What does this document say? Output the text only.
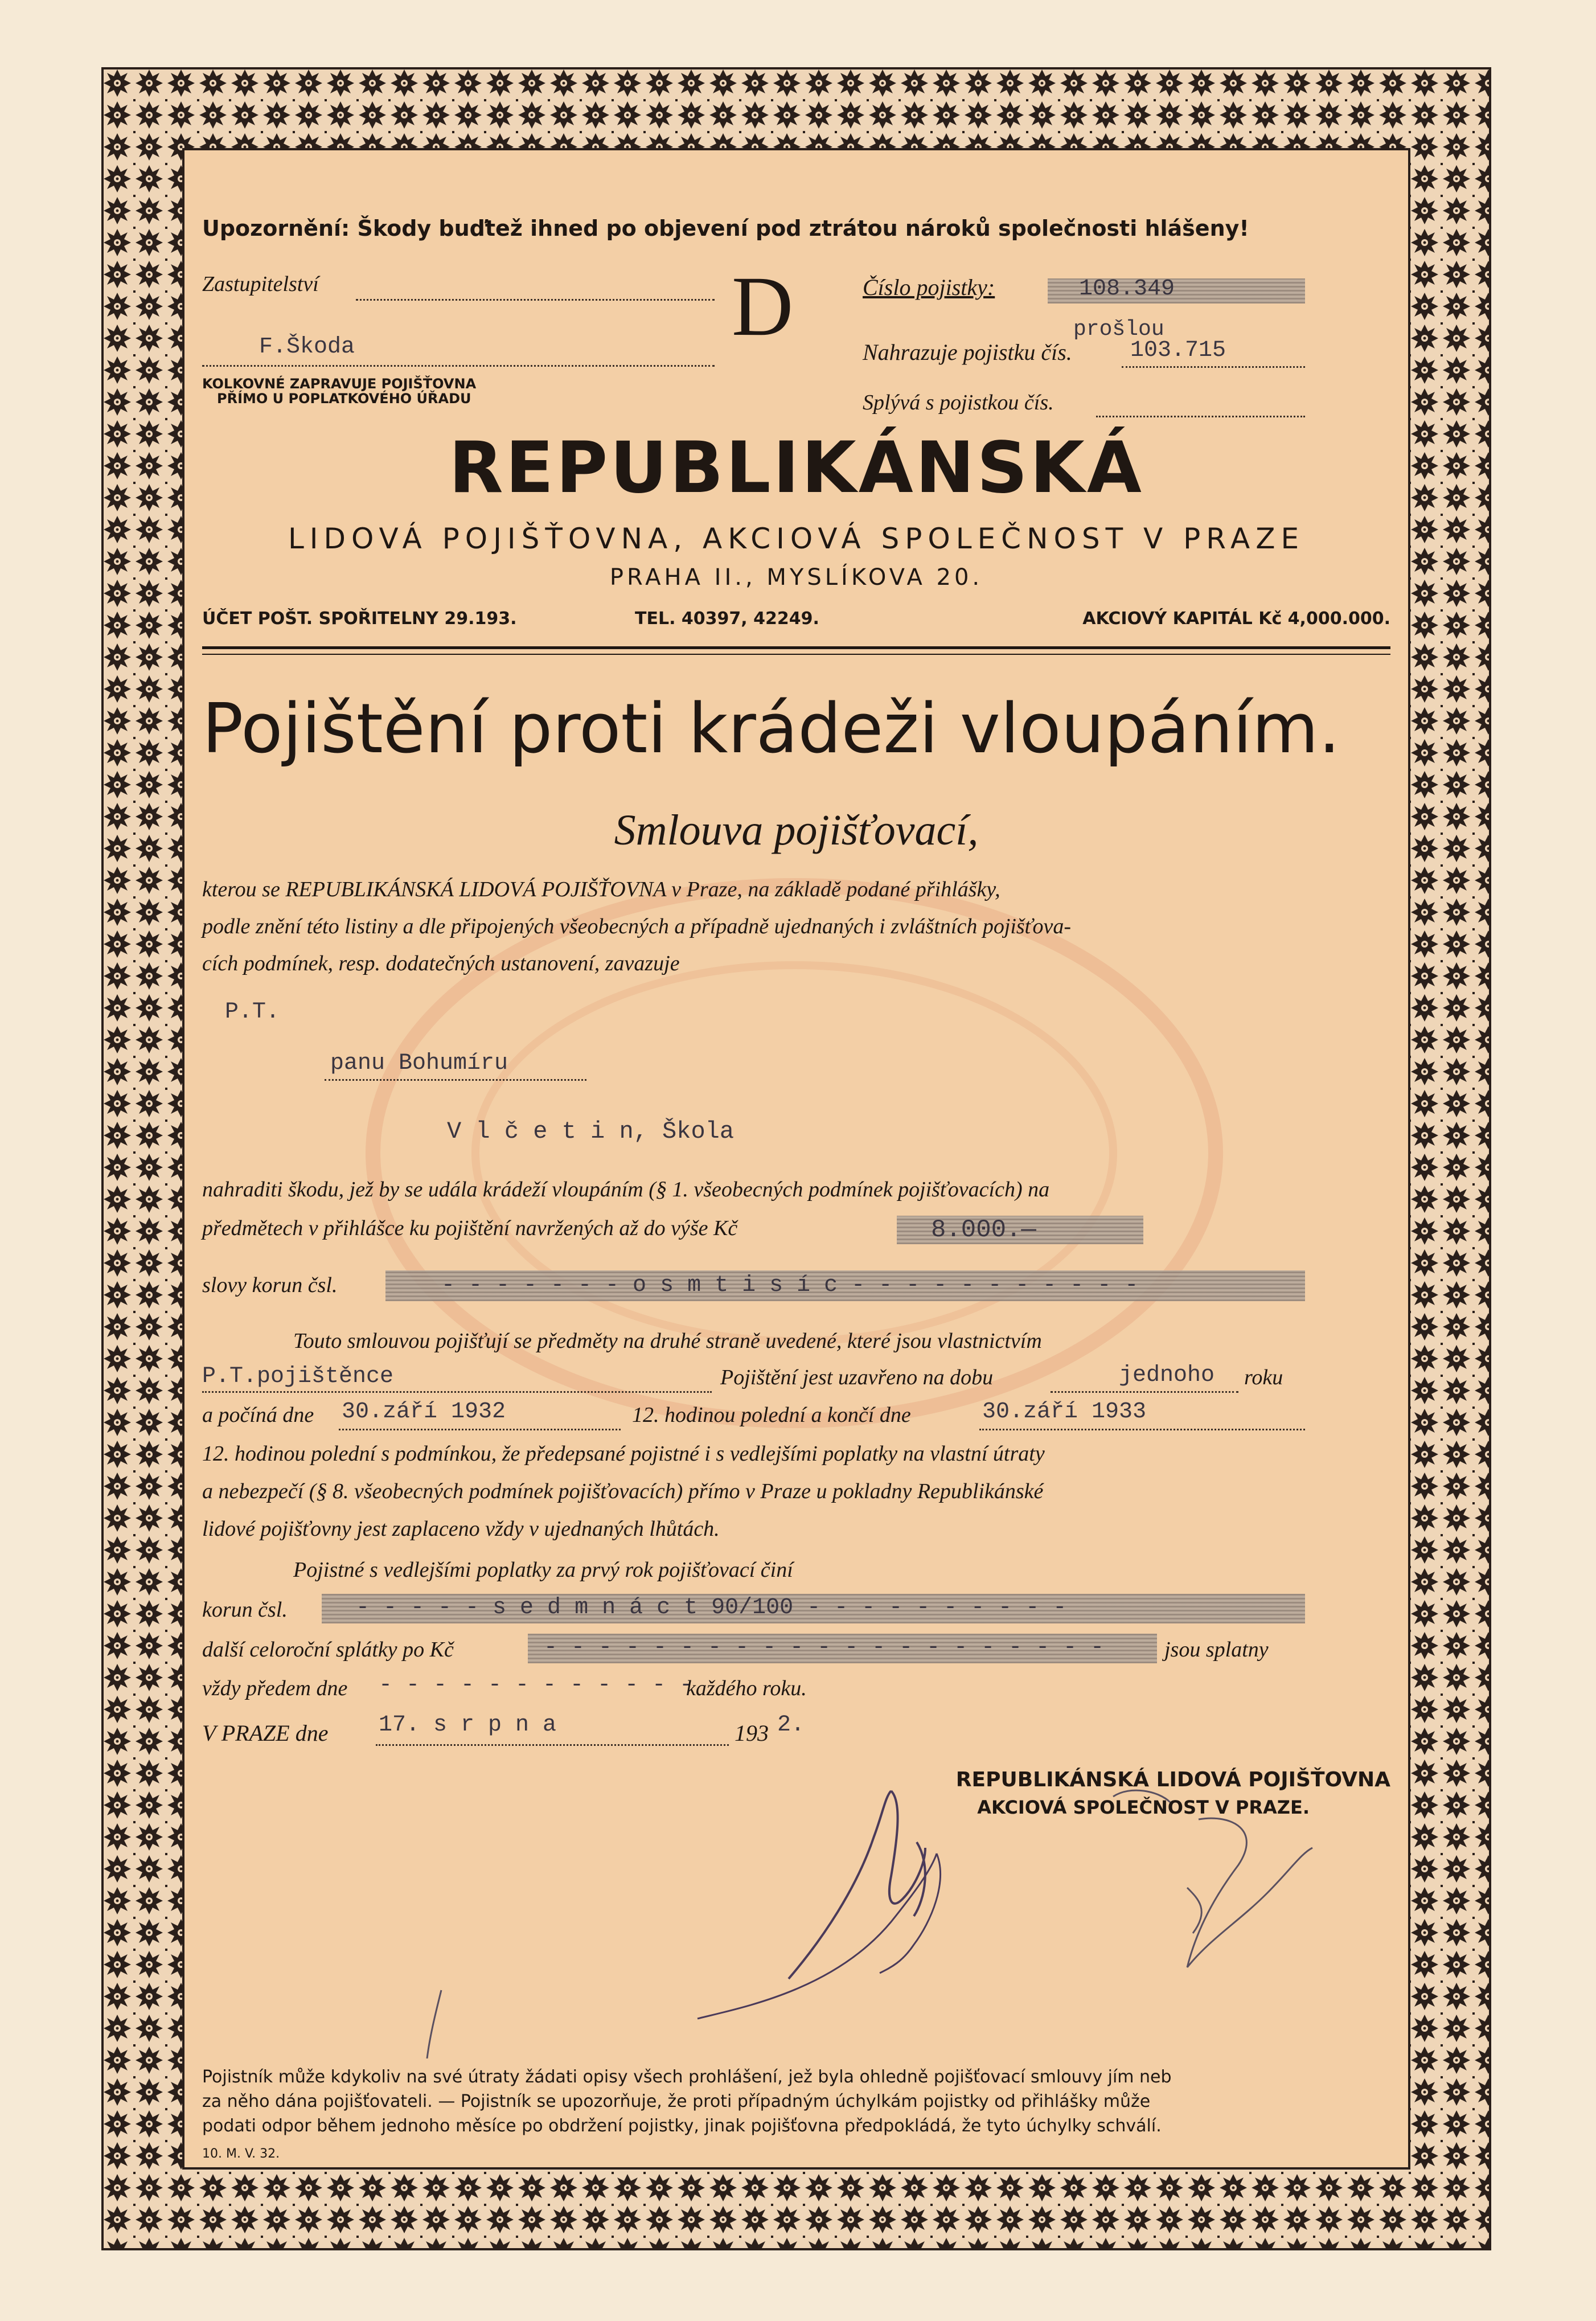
Upozornění: Škody buďtež ihned po objevení pod ztrátou nároků společnosti hlášeny!
Zastupitelství
F.Škoda
KOLKOVNÉ ZAPRAVUJE POJIŠŤOVNA
PŘÍMO U POPLATKOVÉHO ÚŘADU
D	Číslo pojistky:	108.349
prošlou
Nahrazuje pojistku čís.	103.715
Splývá s pojistkou čís.
REPUBLIKÁNSKÁ
LIDOVÁ POJIŠŤOVNA, AKCIOVÁ SPOLEČNOST V PRAZE
PRAHA II., MYSLÍKOVA 20.
ÚČET POŠT. SPOŘITELNY 29.193.	TEL. 40397, 42249.	AKCIOVÝ KAPITÁL Kč 4,000.000.
Pojištění proti krádeži vloupáním.
Smlouva pojišťovací,
kterou se REPUBLIKÁNSKÁ LIDOVÁ POJIŠŤOVNA v Praze, na základě podané přihlášky,
podle znění této listiny a dle připojených všeobecných a případně ujednaných i zvláštních pojišťova-
cích podmínek, resp. dodatečných ustanovení, zavazuje
P.T.
panu Bohumíru
V l č e t i n, Škola
nahraditi škodu, jež by se udála krádeží vloupáním (§ 1. všeobecných podmínek pojišťovacích) na
předmětech v přihlášce ku pojištění navržených až do výše Kč	8.000.—
slovy korun čsl.	- - - - - - - o s m t i s í c - - - - - - - - - - -
Touto smlouvou pojišťují se předměty na druhé straně uvedené, které jsou vlastnictvím
P.T.pojištěnce	Pojištění jest uzavřeno na dobu	jednoho roku
a počíná dne 30.září 1932	12. hodinou polední a končí dne	30.září 1933
12. hodinou polední s podmínkou, že předepsané pojistné i s vedlejšími poplatky na vlastní útraty
a nebezpečí (§ 8. všeobecných podmínek pojišťovacích) přímo v Praze u pokladny Republikánské
lidové pojišťovny jest zaplaceno vždy v ujednaných lhůtách.
Pojistné s vedlejšími poplatky za prvý rok pojišťovací činí
korun čsl.	- - - - - s e d m n á c t 90/100 - - - - - - - - - -
další celoroční splátky po Kč	- - - - - - - - - - - - - - - - - - - - -	jsou splatny
vždy předem dne - - - - - - - - - - - -
každého roku.
V PRAZE dne 17. s r p n a	193 2.
REPUBLIKÁNSKÁ LIDOVÁ POJIŠŤOVNA
AKCIOVÁ SPOLEČNOST V PRAZE.
Pojistník může kdykoliv na své útraty žádati opisy všech prohlášení, jež byla ohledně pojišťovací smlouvy jím neb
za něho dána pojišťovateli. — Pojistník se upozorňuje, že proti případným úchylkám pojistky od přihlášky může
podati odpor během jednoho měsíce po obdržení pojistky, jinak pojišťovna předpokládá, že tyto úchylky schválí.
10. M. V. 32.
